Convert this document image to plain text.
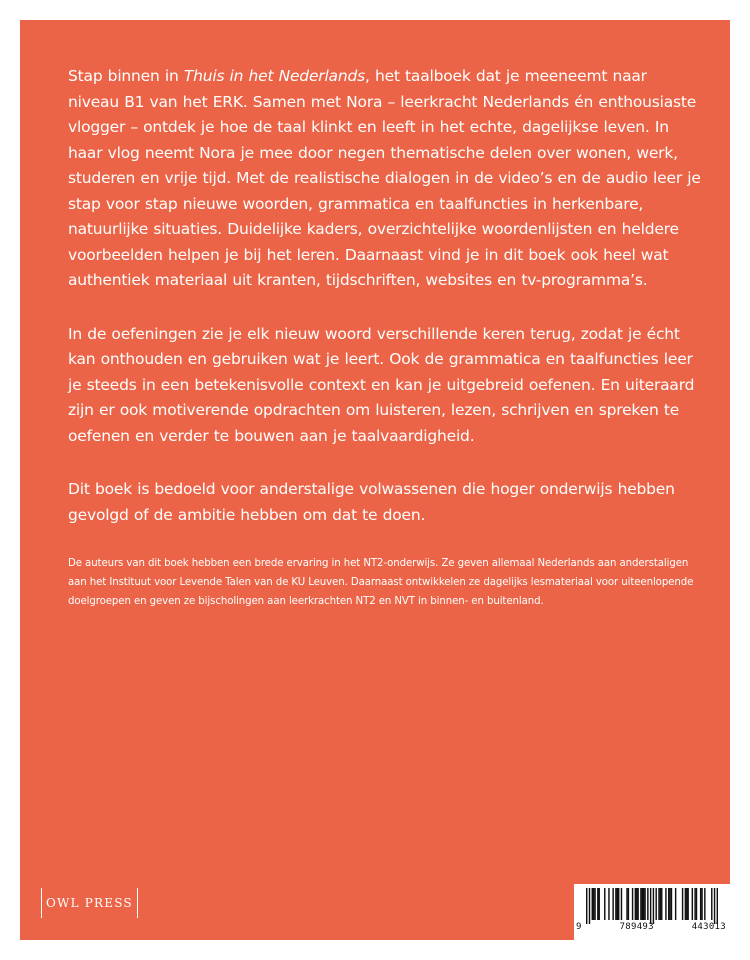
Stap binnen in Thuis in het Nederlands, het taalboek dat je meeneemt naar niveau B1 van het ERK. Samen met Nora – leerkracht Nederlands én enthousiaste vlogger – ontdek je hoe de taal klinkt en leeft in het echte, dagelijkse leven. In haar vlog neemt Nora je mee door negen thematische delen over wonen, werk, studeren en vrije tijd. Met de realistische dialogen in de video’s en de audio leer je stap voor stap nieuwe woorden, grammatica en taalfuncties in herkenbare, natuurlijke situaties. Duidelijke kaders, overzichtelijke woordenlijsten en heldere voorbeelden helpen je bij het leren. Daarnaast vind je in dit boek ook heel wat authentiek materiaal uit kranten, tijdschriften, websites en tv-programma’s.

In de oefeningen zie je elk nieuw woord verschillende keren terug, zodat je écht kan onthouden en gebruiken wat je leert. Ook de grammatica en taalfuncties leer je steeds in een betekenisvolle context en kan je uitgebreid oefenen. En uiteraard zijn er ook motiverende opdrachten om luisteren, lezen, schrijven en spreken te oefenen en verder te bouwen aan je taalvaardigheid.

Dit boek is bedoeld voor anderstalige volwassenen die hoger onderwijs hebben gevolgd of de ambitie hebben om dat te doen.

De auteurs van dit boek hebben een brede ervaring in het NT2-onderwijs. Ze geven allemaal Nederlands aan anderstaligen aan het Instituut voor Levende Talen van de KU Leuven. Daarnaast ontwikkelen ze dagelijks lesmateriaal voor uiteenlopende doelgroepen en geven ze bijscholingen aan leerkrachten NT2 en NVT in binnen- en buitenland.

OWL PRESS
9	789493	443013
